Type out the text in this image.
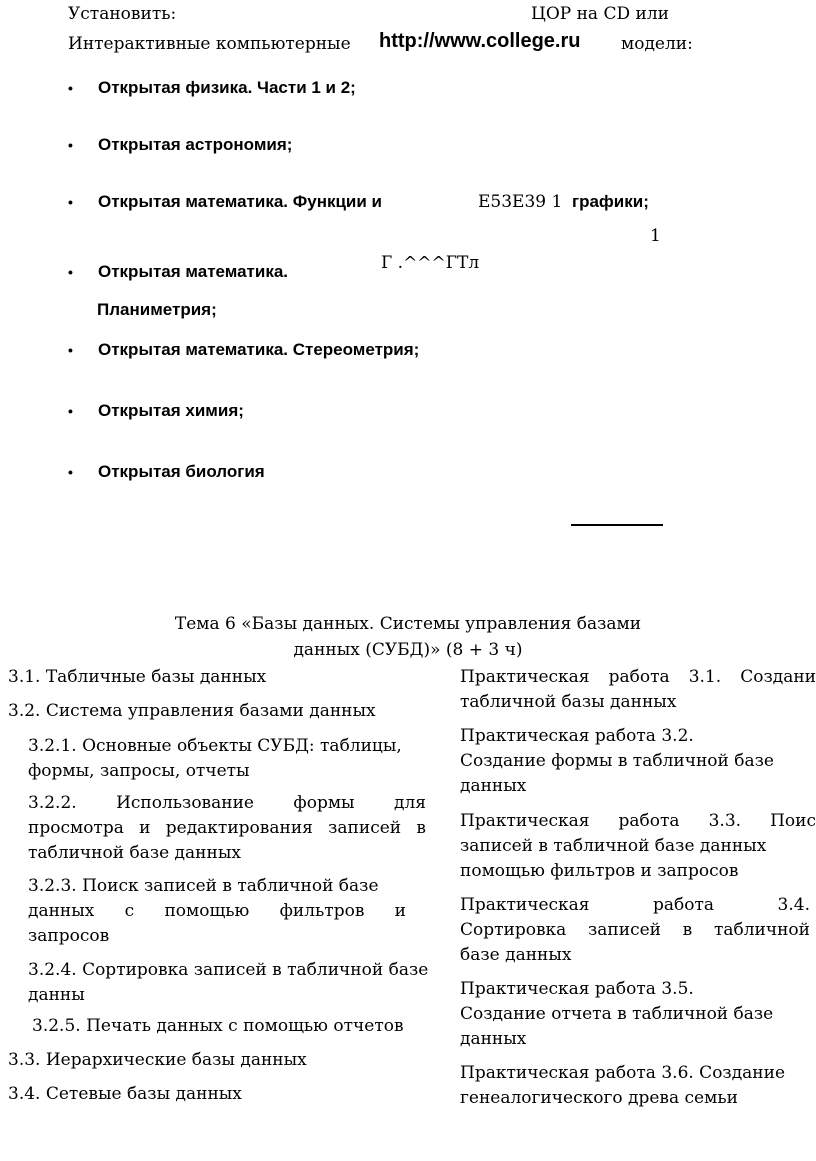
Установить:	ЦОР на CD или
Интерактивные компьютерные http://www.college.ru модели:
• Открытая физика. Части 1 и 2;
• Открытая астрономия;
• Открытая математика. Функции и	E53E39 1 графики;
1
• Открытая математика.	Г .^^^ГТл
Планиметрия;
• Открытая математика. Стереометрия;
• Открытая химия;
• Открытая биология
Тема 6 «Базы данных. Системы управления базами
данных (СУБД)» (8 + 3 ч)
3.1. Табличные базы данных
3.2. Система управления базами данных
3.2.1. Основные объекты СУБД: таблицы,
формы, запросы, отчеты
3.2.2. Использование формы для
просмотра и редактирования записей в
табличной базе данных
3.2.3. Поиск записей в табличной базе
данных с помощью фильтров и
запросов
3.2.4. Сортировка записей в табличной базе
данны
3.2.5. Печать данных с помощью отчетов
3.3. Иерархические базы данных
3.4. Сетевые базы данных
Практическая работа 3.1. Создани
табличной базы данных
Практическая работа 3.2.
Создание формы в табличной базе
данных
Практическая работа 3.3. Поис
записей в табличной базе данных
помощью фильтров и запросов
Практическая работа 3.4.
Сортировка записей в табличной
базе данных
Практическая работа 3.5.
Создание отчета в табличной базе
данных
Практическая работа 3.6. Создание
генеалогического древа семьи
